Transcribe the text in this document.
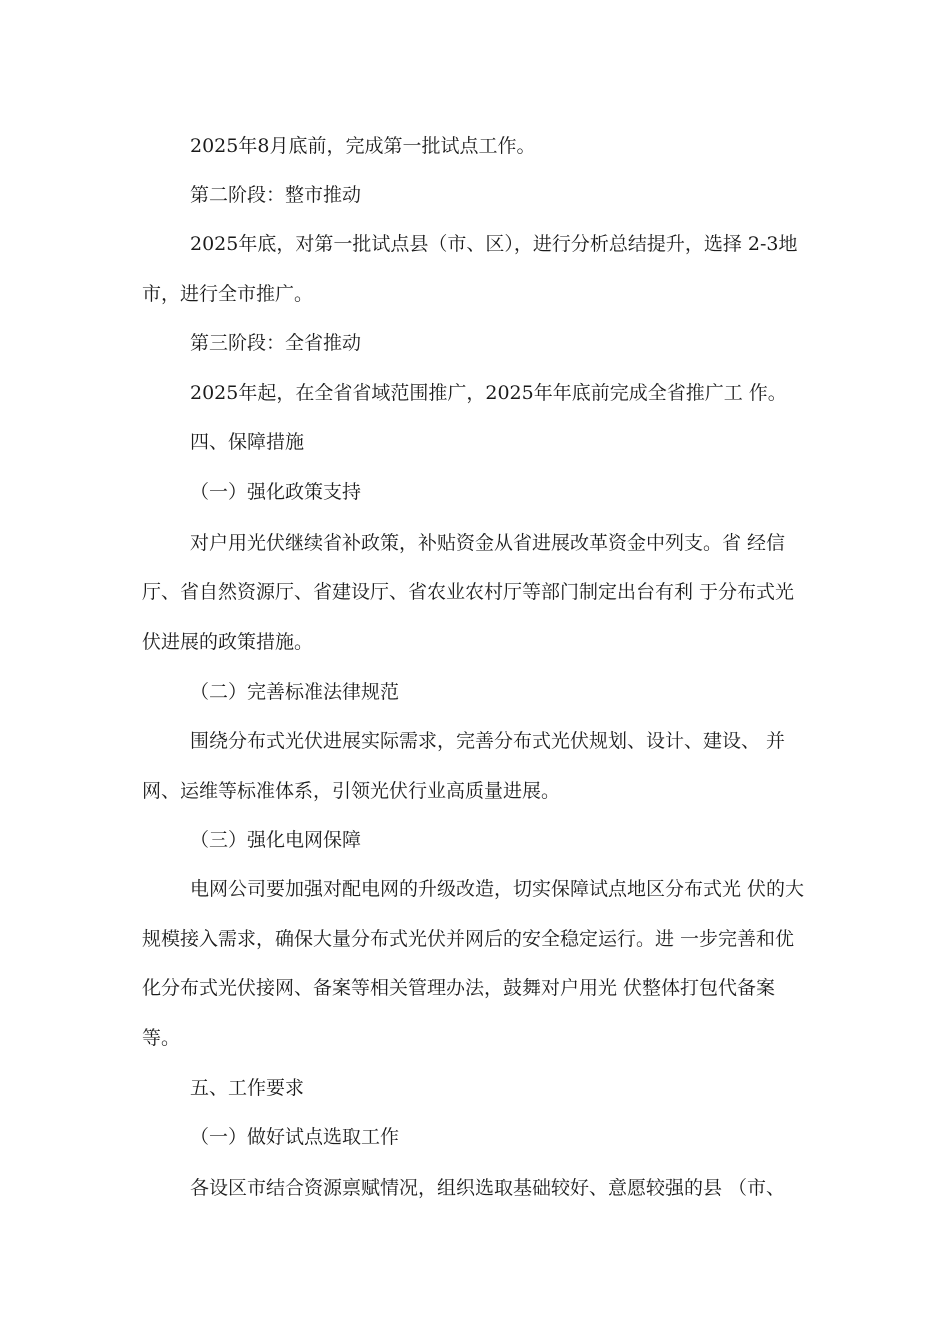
2025年8月底前，完成第一批试点工作。

第二阶段：整市推动

2025年底，对第一批试点县（市、区），进行分析总结提升，选择 2-3地

市，进行全市推广。

第三阶段：全省推动

2025年起，在全省省域范围推广，2025年年底前完成全省推广工 作。

四、保障措施

（一）强化政策支持

对户用光伏继续省补政策，补贴资金从省进展改革资金中列支。省 经信

厅、省自然资源厅、省建设厅、省农业农村厅等部门制定出台有利 于分布式光

伏进展的政策措施。

（二）完善标准法律规范

围绕分布式光伏进展实际需求，完善分布式光伏规划、设计、建设、 并

网、运维等标准体系，引领光伏行业高质量进展。

（三）强化电网保障

电网公司要加强对配电网的升级改造，切实保障试点地区分布式光 伏的大

规模接入需求，确保大量分布式光伏并网后的安全稳定运行。进 一步完善和优

化分布式光伏接网、备案等相关管理办法，鼓舞对户用光 伏整体打包代备案

等。

五、工作要求

（一）做好试点选取工作

各设区市结合资源禀赋情况，组织选取基础较好、意愿较强的县 （市、
